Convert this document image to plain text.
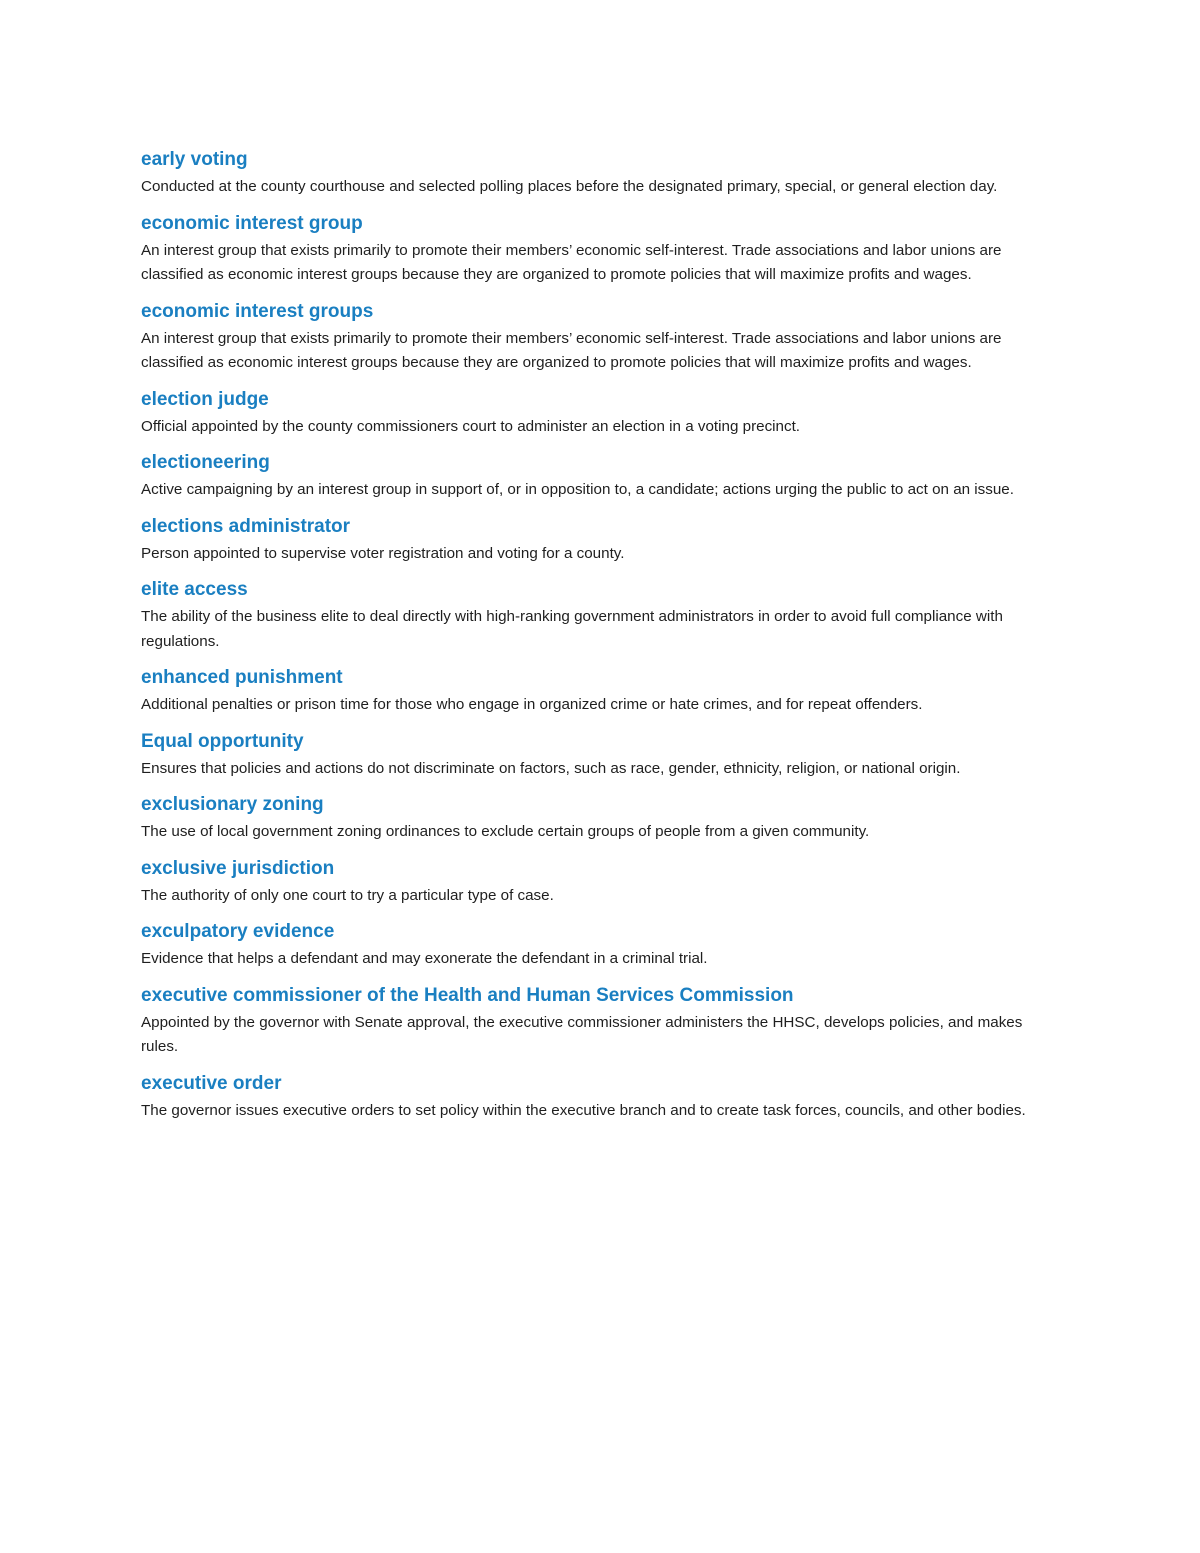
early voting
Conducted at the county courthouse and selected polling places before the designated primary, special, or general election day.
economic interest group
An interest group that exists primarily to promote their members’ economic self-interest. Trade associations and labor unions are classified as economic interest groups because they are organized to promote policies that will maximize profits and wages.
economic interest groups
An interest group that exists primarily to promote their members’ economic self-interest. Trade associations and labor unions are classified as economic interest groups because they are organized to promote policies that will maximize profits and wages.
election judge
Official appointed by the county commissioners court to administer an election in a voting precinct.
electioneering
Active campaigning by an interest group in support of, or in opposition to, a candidate; actions urging the public to act on an issue.
elections administrator
Person appointed to supervise voter registration and voting for a county.
elite access
The ability of the business elite to deal directly with high-ranking government administrators in order to avoid full compliance with regulations.
enhanced punishment
Additional penalties or prison time for those who engage in organized crime or hate crimes, and for repeat offenders.
Equal opportunity
Ensures that policies and actions do not discriminate on factors, such as race, gender, ethnicity, religion, or national origin.
exclusionary zoning
The use of local government zoning ordinances to exclude certain groups of people from a given community.
exclusive jurisdiction
The authority of only one court to try a particular type of case.
exculpatory evidence
Evidence that helps a defendant and may exonerate the defendant in a criminal trial.
executive commissioner of the Health and Human Services Commission
Appointed by the governor with Senate approval, the executive commissioner administers the HHSC, develops policies, and makes rules.
executive order
The governor issues executive orders to set policy within the executive branch and to create task forces, councils, and other bodies.
